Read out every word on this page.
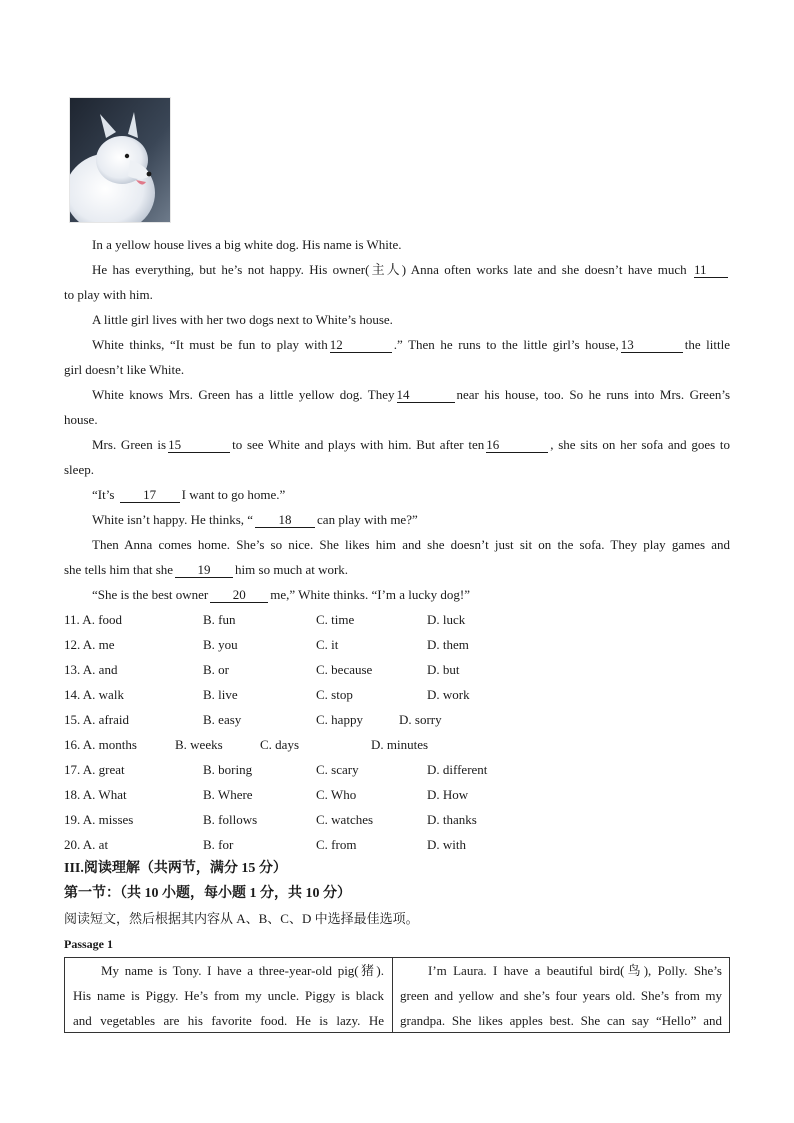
In a yellow house lives a big white dog. His name is White.
He has everything, but he’s not happy. His owner(主人) Anna often works late and she doesn’t have much 11
to play with him.
A little girl lives with her two dogs next to White’s house.
White thinks, “It must be fun to play with 12	.” Then he runs to the little girl’s house, 13	the little
girl doesn’t like White.
White knows Mrs. Green has a little yellow dog. They 14	near his house, too. So he runs into Mrs. Green’s
house.
Mrs. Green is 15	to see White and plays with him. But after ten 16	, she sits on her sofa and goes to
sleep.
“It’s 17 I want to go home.”
White isn’t happy. He thinks, “ 18 can play with me?”
Then Anna comes home. She’s so nice. She likes him and she doesn’t just sit on the sofa. They play games and
she tells him that she 19 him so much at work.
“She is the best owner 20 me,” White thinks. “I’m a lucky dog!”
11. A. food	B. fun	C. time	D. luck
12. A. me	B. you	C. it	D. them
13. A. and	B. or	C. because	D. but
14. A. walk	B. live	C. stop	D. work
15. A. afraid	B. easy	C. happy	D. sorry
16. A. months	B. weeks	C. days	D. minutes
17. A. great	B. boring	C. scary	D. different
18. A. What	B. Where	C. Who	D. How
19. A. misses	B. follows	C. watches	D. thanks
20. A. at	B. for	C. from	D. with
III.阅读理解（共两节，满分 15 分）
第一节：（共 10 小题，每小题 1 分，共 10 分）
阅读短文，然后根据其内容从 A、B、C、D 中选择最佳选项。
Passage 1
My name is Tony. I have a three-year-old pig(猪).
His name is Piggy. He’s from my uncle. Piggy is black
and vegetables are his favorite food. He is lazy. He
I’m Laura. I have a beautiful bird(鸟), Polly. She’s
green and yellow and she’s four years old. She’s from my
grandpa. She likes apples best. She can say “Hello” and
